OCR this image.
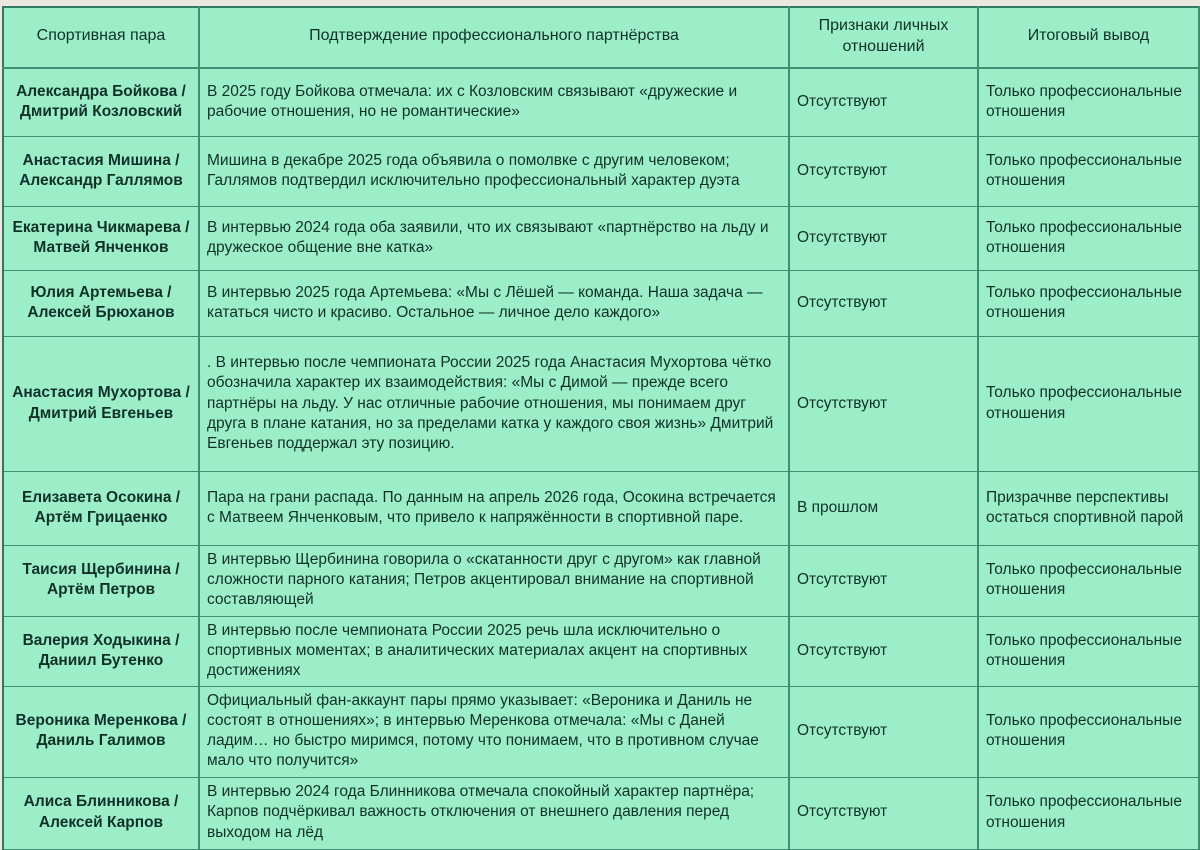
Спортивная пара	Подтверждение профессионального партнёрства	Признаки личных отношений	Итоговый вывод
Александра Бойкова / Дмитрий Козловский	В 2025 году Бойкова отмечала: их с Козловским связывают «дружеские и рабочие отношения, но не романтические»	Отсутствуют	Только профессиональные отношения
Анастасия Мишина / Александр Галлямов	Мишина в декабре 2025 года объявила о помолвке с другим человеком; Галлямов подтвердил исключительно профессиональный характер дуэта	Отсутствуют	Только профессиональные отношения
Екатерина Чикмарева / Матвей Янченков	В интервью 2024 года оба заявили, что их связывают «партнёрство на льду и дружеское общение вне катка»	Отсутствуют	Только профессиональные отношения
Юлия Артемьева / Алексей Брюханов	В интервью 2025 года Артемьева: «Мы с Лёшей — команда. Наша задача — кататься чисто и красиво. Остальное — личное дело каждого»	Отсутствуют	Только профессиональные отношения
Анастасия Мухортова / Дмитрий Евгеньев	. В интервью после чемпионата России 2025 года Анастасия Мухортова чётко обозначила характер их взаимодействия: «Мы с Димой — прежде всего партнёры на льду. У нас отличные рабочие отношения, мы понимаем друг друга в плане катания, но за пределами катка у каждого своя жизнь» Дмитрий Евгеньев поддержал эту позицию.	Отсутствуют	Только профессиональные отношения
Елизавета Осокина / Артём Грицаенко	Пара на грани распада. По данным на апрель 2026 года, Осокина встречается с Матвеем Янченковым, что привело к напряжённости в спортивной паре.	В прошлом	Призрачнве перспективы остаться спортивной парой
Таисия Щербинина / Артём Петров	В интервью Щербинина говорила о «скатанности друг с другом» как главной сложности парного катания; Петров акцентировал внимание на спортивной составляющей	Отсутствуют	Только профессиональные отношения
Валерия Ходыкина / Даниил Бутенко	В интервью после чемпионата России 2025 речь шла исключительно о спортивных моментах; в аналитических материалах акцент на спортивных достижениях	Отсутствуют	Только профессиональные отношения
Вероника Меренкова / Даниль Галимов	Официальный фан-аккаунт пары прямо указывает: «Вероника и Даниль не состоят в отношениях»; в интервью Меренкова отмечала: «Мы с Даней ладим… но быстро миримся, потому что понимаем, что в противном случае мало что получится»	Отсутствуют	Только профессиональные отношения
Алиса Блинникова / Алексей Карпов	В интервью 2024 года Блинникова отмечала спокойный характер партнёра; Карпов подчёркивал важность отключения от внешнего давления перед выходом на лёд	Отсутствуют	Только профессиональные отношения
